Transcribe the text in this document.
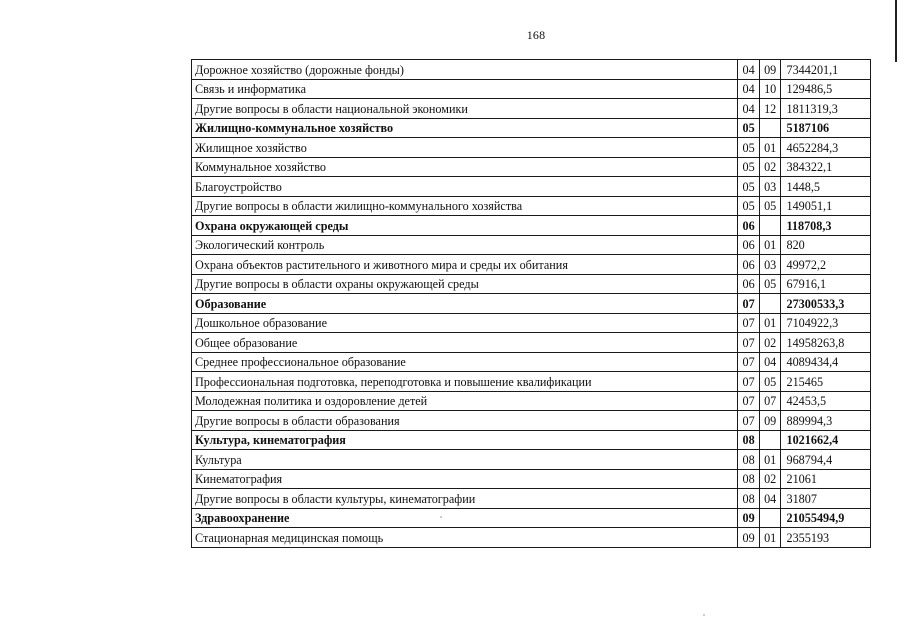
168
Дорожное хозяйство (дорожные фонды)	04	09	7344201,1
Связь и информатика	04	10	129486,5
Другие вопросы в области национальной экономики	04	12	1811319,3
Жилищно-коммунальное хозяйство	05		5187106
Жилищное хозяйство	05	01	4652284,3
Коммунальное хозяйство	05	02	384322,1
Благоустройство	05	03	1448,5
Другие вопросы в области жилищно-коммунального хозяйства	05	05	149051,1
Охрана окружающей среды	06		118708,3
Экологический контроль	06	01	820
Охрана объектов растительного и животного мира и среды их обитания	06	03	49972,2
Другие вопросы в области охраны окружающей среды	06	05	67916,1
Образование	07		27300533,3
Дошкольное образование	07	01	7104922,3
Общее образование	07	02	14958263,8
Среднее профессиональное образование	07	04	4089434,4
Профессиональная подготовка, переподготовка и повышение квалификации	07	05	215465
Молодежная политика и оздоровление детей	07	07	42453,5
Другие вопросы в области образования	07	09	889994,3
Культура, кинематография	08		1021662,4
Культура	08	01	968794,4
Кинематография	08	02	21061
Другие вопросы в области культуры, кинематографии	08	04	31807
Здравоохранение	09		21055494,9
Стационарная медицинская помощь	09	01	2355193
